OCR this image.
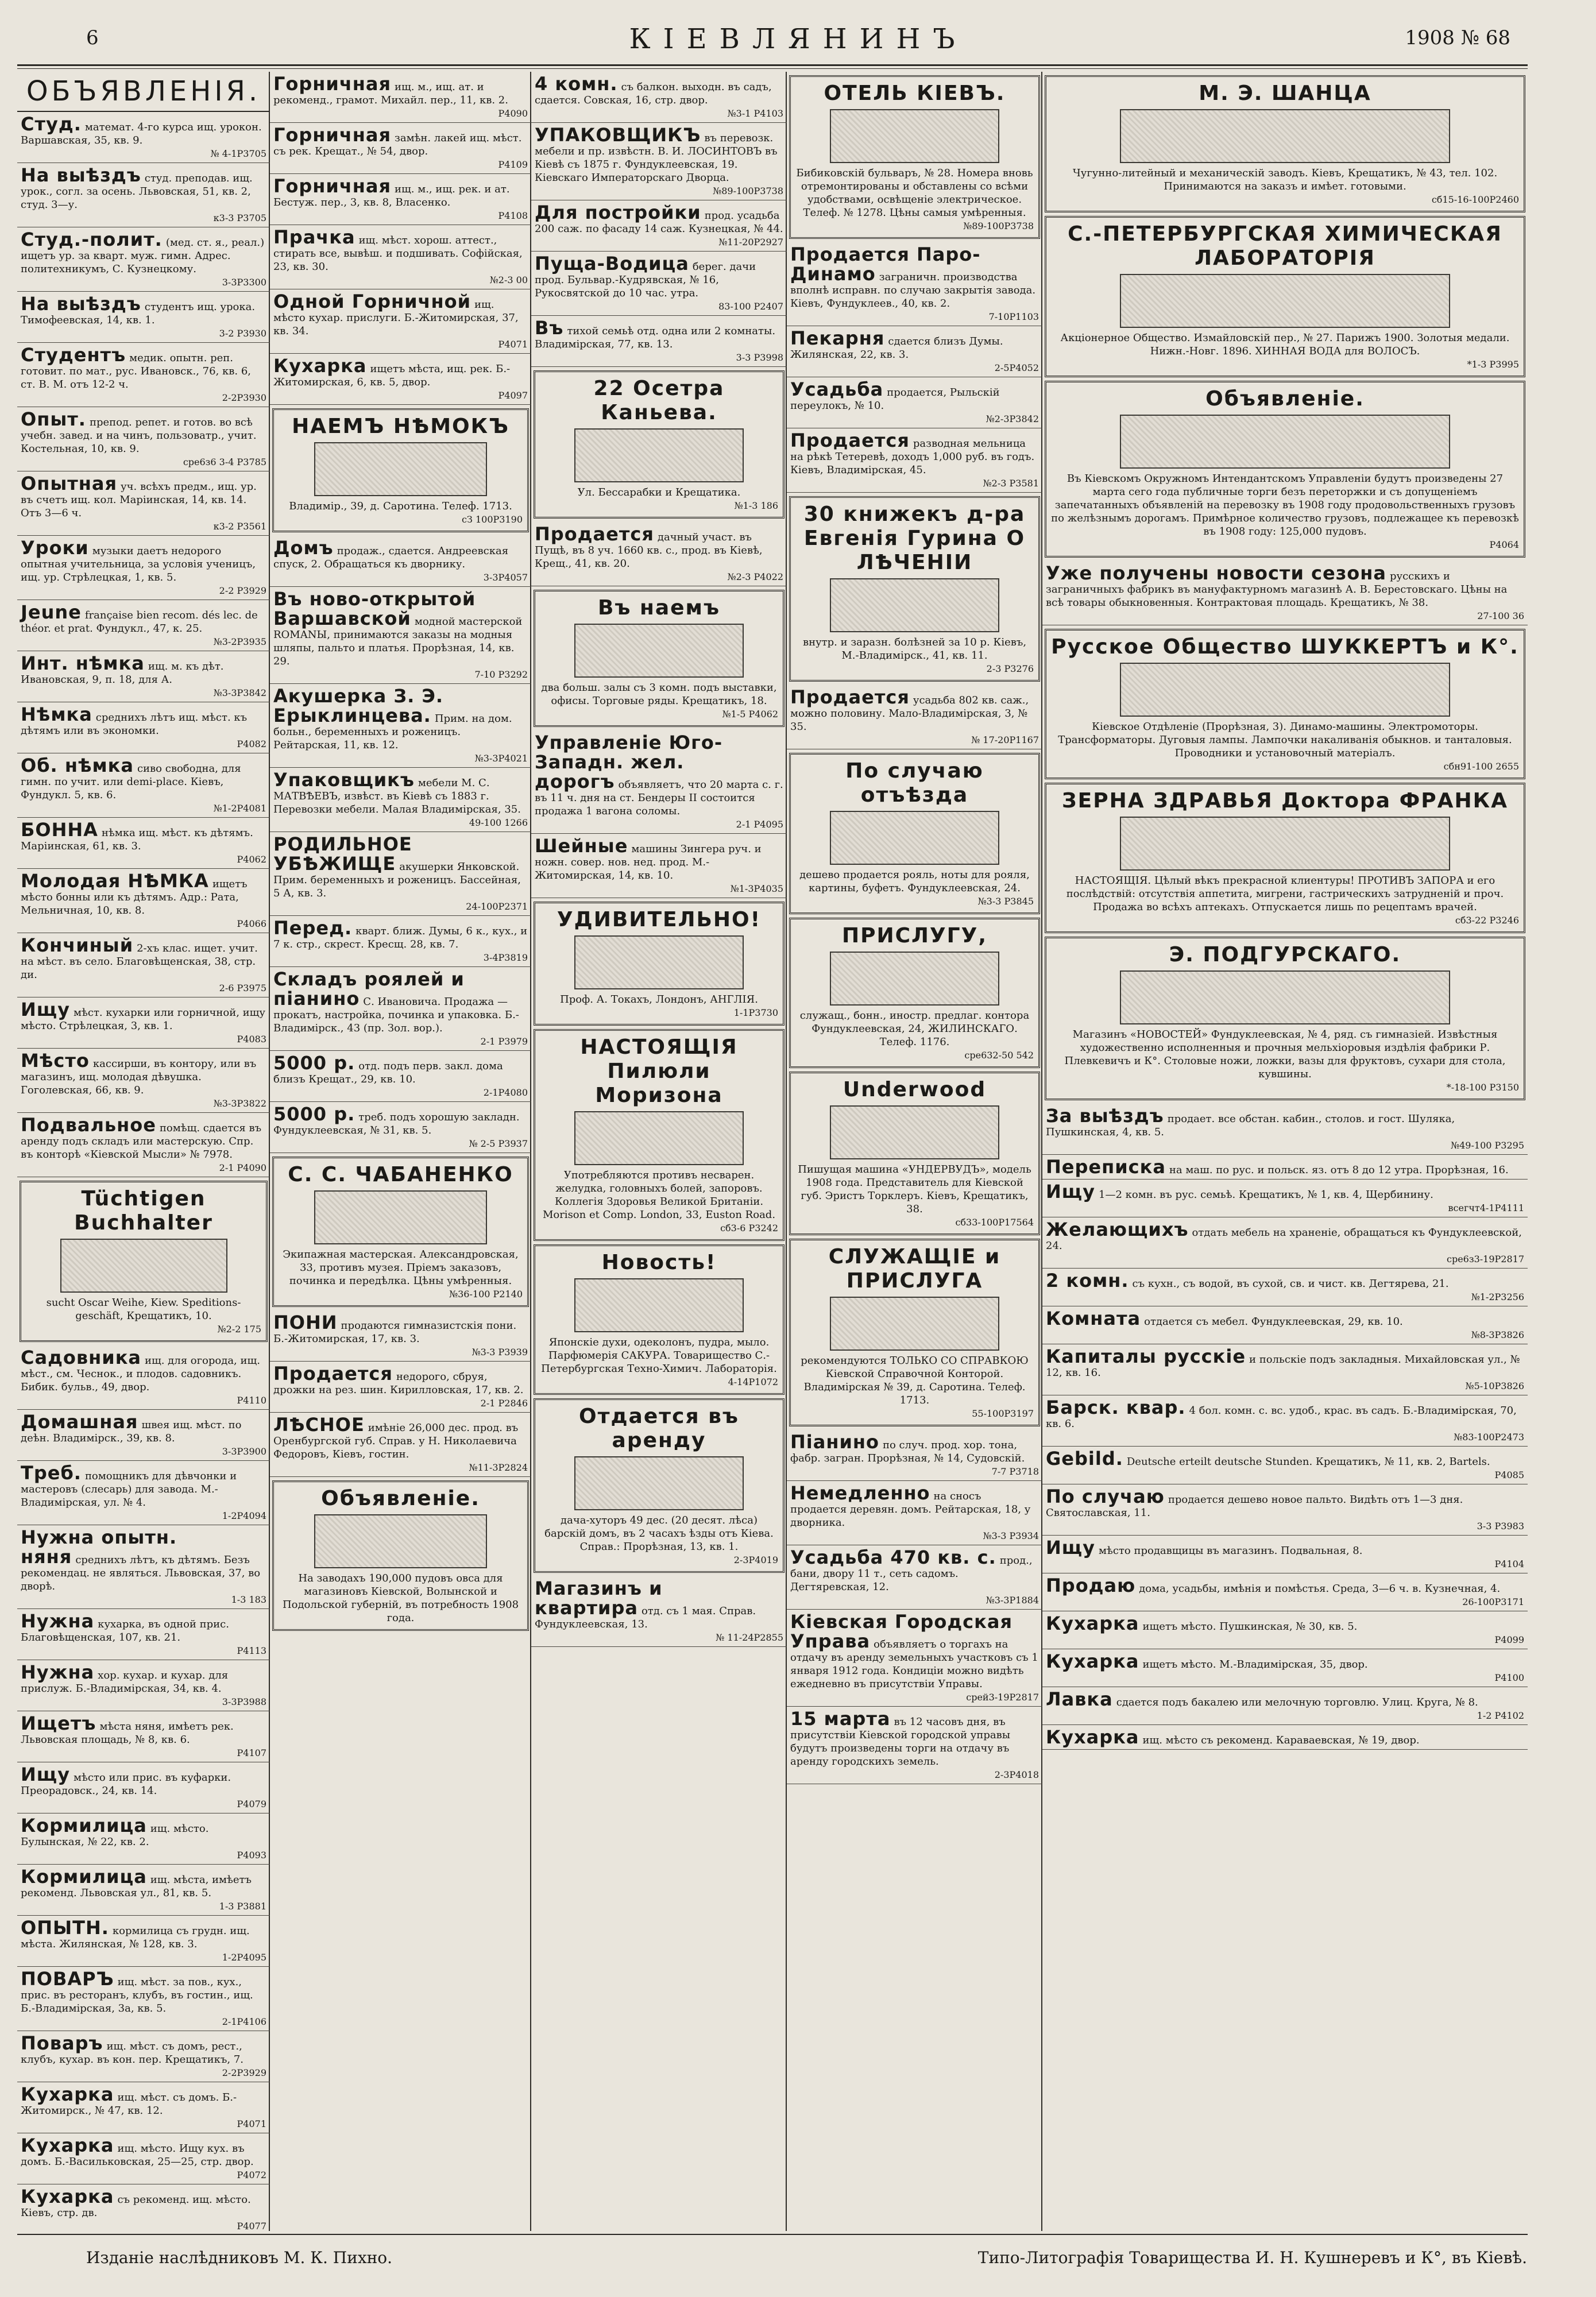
6	КІЕВЛЯНИНЪ	1908 № 68
ОБЪЯВЛЕНІЯ.
Студ. математ. 4-го курса ищ. урокон. Варшавская, 35, кв. 9.
№ 4-1Р3705
На выѣздъ студ. преподав. ищ. урок., согл. за осень. Львовская, 51, кв. 2, студ. 3—у.
к3-3 Р3705
Студ.-полит. (мед. ст. я., реал.) ищетъ ур. за кварт. муж. гимн. Адрес. политехникумъ, С. Кузнецкому.
3-3Р3300
На выѣздъ студентъ ищ. урока. Тимофеевская, 14, кв. 1.
3-2 Р3930
Студентъ медик. опытн. реп. готовит. по мат., рус. Ивановск., 76, кв. 6, ст. В. М. отъ 12-2 ч.
2-2Р3930
Опыт. препод. репет. и готов. во всѣ учебн. завед. и на чинъ, пользоватр., учит. Костельная, 10, кв. 9.
сре6з6 3-4 Р3785
Опытная уч. всѣхъ предм., ищ. ур. въ счетъ ищ. кол. Маріинская, 14, кв. 14. Отъ 3—6 ч.
к3-2 Р3561
Уроки музыки даетъ недорого опытная учительница, за условія ученицъ, ищ. ур. Стрѣлецкая, 1, кв. 5.
2-2 Р3929
Jeune française bien recom. dés lec. de théor. et prat. Фундукл., 47, к. 25.
№3-2Р3935
Инт. нѣмка ищ. м. къ дѣт. Ивановская, 9, п. 18, для А.
№3-3Р3842
Нѣмка среднихъ лѣтъ ищ. мѣст. къ дѣтямъ или въ экономки.
Р4082
Об. нѣмка сиво свободна, для гимн. по учит. или demi-place. Кіевъ, Фундукл. 5, кв. 6.
№1-2Р4081
БОННА нѣмка ищ. мѣст. къ дѣтямъ. Маріинская, 61, кв. 3.
Р4062
Молодая НѢМКА ищетъ мѣсто бонны или къ дѣтямъ. Адр.: Рата, Мельничная, 10, кв. 8.
Р4066
Кончиный 2-хъ клас. ищет. учит. на мѣст. въ село. Благовѣщенская, 38, стр. ди.
2-6 Р3975
Ищу мѣст. кухарки или горничной, ищу мѣсто. Стрѣлецкая, 3, кв. 1.
Р4083
Мѣсто кассирши, въ контору, или въ магазинъ, ищ. молодая дѣвушка. Гоголевская, 66, кв. 9.
№3-3Р3822
Подвальное помѣщ. сдается въ аренду подъ складъ или мастерскую. Спр. въ конторѣ «Кіевской Мысли» № 7978.
2-1 Р4090
Tüchtigen Buchhalter
sucht Oscar Weihe, Kiew. Speditions-geschäft, Крещатикъ, 10.
№2-2 175
Садовника ищ. для огорода, ищ. мѣст., см. Чеснок., и плодов. садовникъ. Бибик. бульв., 49, двор.
Р4110
Домашная швея ищ. мѣст. по деѣн. Владимірск., 39, кв. 8.
3-3Р3900
Треб. помощникъ для дѣвчонки и мастеровъ (слесарь) для завода. М.-Владимірская, ул. № 4.
1-2Р4094
Нужна опытн. няня среднихъ лѣтъ, къ дѣтямъ. Безъ рекомендац. не являться. Львовская, 37, во дворѣ.
1-3 183
Нужна кухарка, въ одной прис. Благовѣщенская, 107, кв. 21.
Р4113
Нужна хор. кухар. и кухар. для прислуж. Б.-Владимірская, 34, кв. 4.
3-3Р3988
Ищетъ мѣста няня, имѣетъ рек. Львовская площадь, № 8, кв. 6.
Р4107
Ищу мѣсто или прис. въ куфарки. Преорадовск., 24, кв. 14.
Р4079
Кормилица ищ. мѣсто. Булынская, № 22, кв. 2.
Р4093
Кормилица ищ. мѣста, имѣетъ рекоменд. Львовская ул., 81, кв. 5.
1-3 Р3881
ОПЫТН. кормилица съ грудн. ищ. мѣста. Жилянская, № 128, кв. 3.
1-2Р4095
ПОВАРЪ ищ. мѣст. за пов., кух., прис. въ ресторанъ, клубъ, въ гостин., ищ. Б.-Владимірская, 3а, кв. 5.
2-1Р4106
Поваръ ищ. мѣст. съ домъ, рест., клубъ, кухар. въ кон. пер. Крещатикъ, 7.
2-2Р3929
Кухарка ищ. мѣст. съ домъ. Б.-Житомирск., № 47, кв. 12.
Р4071
Кухарка ищ. мѣсто. Ищу кух. въ домъ. Б.-Васильковская, 25—25, стр. двор.
Р4072
Кухарка съ рекоменд. ищ. мѣсто. Кіевъ, стр. дв.
Р4077
Горничная ищ. м., ищ. ат. и рекоменд., грамот. Михайл. пер., 11, кв. 2.
Р4090
Горничная замѣн. лакей ищ. мѣст. съ рек. Крещат., № 54, двор.
Р4109
Горничная ищ. м., ищ. рек. и ат. Бестуж. пер., 3, кв. 8, Власенко.
Р4108
Прачка ищ. мѣст. хорош. аттест., стирать все, вывѣш. и подшивать. Софійская, 23, кв. 30.
№2-3 00
Одной Горничной ищ. мѣсто кухар. прислуги. Б.-Житомирская, 37, кв. 34.
Р4071
Кухарка ищетъ мѣста, ищ. рек. Б.-Житомирская, 6, кв. 5, двор.
Р4097
НАЕМЪ НѢМОКЪ
Владимір., 39, д. Саротина. Телеф. 1713.
сЗ 100Р3190
Домъ продаж., сдается. Андреевская спуск, 2. Обращаться къ дворнику.
3-3Р4057
Въ ново-открытой Варшавской модной мастерской ROMANЫ, принимаются заказы на модныя шляпы, пальто и платья. Прорѣзная, 14, кв. 29.
7-10 Р3292
Акушерка З. Э. Ерыклинцева. Прим. на дом. больн., беременныхъ и роженицъ. Рейтарская, 11, кв. 12.
№3-3Р4021
Упаковщикъ мебели М. С. МАТВѢЕВЪ, извѣст. въ Кіевѣ съ 1883 г. Перевозки мебели. Малая Владимірская, 35.
49-100 1266
РОДИЛЬНОЕ УБѢЖИЩЕ акушерки Янковской. Прим. беременныхъ и роженицъ. Бассейная, 5 А, кв. 3.
24-100Р2371
Перед. кварт. ближ. Думы, 6 к., кух., и 7 к. стр., скрест. Кресщ. 28, кв. 7.
3-4Р3819
Складъ роялей и піанино С. Ивановича. Продажа — прокатъ, настройка, починка и упаковка. Б.-Владимірск., 43 (пр. Зол. вор.).
2-1 Р3979
5000 р. отд. подъ перв. закл. дома близъ Крещат., 29, кв. 10.
2-1Р4080
5000 р. треб. подъ хорошую закладн. Фундуклеевская, № 31, кв. 5.
№ 2-5 Р3937
С. С. ЧАБАНЕНКО
Экипажная мастерская. Александровская, 33, противъ музея. Пріемъ заказовъ, починка и передѣлка. Цѣны умѣренныя.
№36-100 Р2140
ПОНИ продаются гимназистскія пони. Б.-Житомирская, 17, кв. 3.
№3-3 Р3939
Продается недорого, сбруя, дрожки на рез. шин. Кирилловская, 17, кв. 2.
2-1 Р2846
ЛѢСНОЕ имѣніе 26,000 дес. прод. въ Оренбургской губ. Справ. у Н. Николаевича Федоровъ, Кіевъ, гостин.
№11-3Р2824
Объявленіе.
На заводахъ 190,000 пудовъ овса для магазиновъ Кіевской, Волынской и Подольской губерній, въ потребность 1908 года.
4 комн. съ балкон. выходн. въ садъ, сдается. Совская, 16, стр. двор.
№3-1 Р4103
УПАКОВЩИКЪ въ перевозк. мебели и пр. извѣстн. В. И. ЛОСИНТОВЪ въ Кіевѣ съ 1875 г. Фундуклеевская, 19. Кіевскаго Императорскаго Дворца.
№89-100Р3738
Для постройки прод. усадьба 200 саж. по фасаду 14 саж. Кузнецкая, № 44.
№11-20Р2927
Пуща-Водица берег. дачи прод. Бульвар.-Кудрявская, № 16, Рукосвятской до 10 час. утра.
83-100 Р2407
Въ тихой семьѣ отд. одна или 2 комнаты. Владимірская, 77, кв. 13.
3-3 Р3998
22 Осетра Каньева.
Ул. Бессарабки и Крещатика.
№1-3 186
Продается дачный участ. въ Пущѣ, въ 8 уч. 1660 кв. с., прод. въ Кіевѣ, Крещ., 41, кв. 20.
№2-3 Р4022
Въ наемъ
два больш. залы съ 3 комн. подъ выставки, офисы. Торговые ряды. Крещатикъ, 18.
№1-5 Р4062
Управленіе Юго-Западн. жел. дорогъ объявляетъ, что 20 марта с. г. въ 11 ч. дня на ст. Бендеры II состоится продажа 1 вагона соломы.
2-1 Р4095
Шейные машины Зингера руч. и ножн. совер. нов. нед. прод. М.-Житомирская, 14, кв. 10.
№1-3Р4035
УДИВИТЕЛЬНО!
Проф. А. Токахъ, Лондонъ, АНГЛІЯ.
1-1Р3730
НАСТОЯЩІЯ Пилюли Моризона
Употребляются противъ несварен. желудка, головныхъ болей, запоровъ. Коллегія Здоровья Великой Британіи. Morison et Comp. London, 33, Euston Road.
сб3-6 Р3242
Новость!
Японскіе духи, одеколонъ, пудра, мыло. Парфюмерія САКУРА. Товарищество С.-Петербургская Техно-Химич. Лабораторія.
4-14Р1072
Отдается въ аренду
дача-хуторъ 49 дес. (20 десят. лѣса) барскій домъ, въ 2 часахъ ѣзды отъ Кіева. Справ.: Прорѣзная, 13, кв. 1.
2-3Р4019
Магазинъ и квартира отд. съ 1 мая. Справ. Фундуклеевская, 13.
№ 11-24Р2855
ОТЕЛЬ КІЕВЪ.
Бибиковскій бульваръ, № 28. Номера вновь отремонтированы и обставлены со всѣми удобствами, освѣщеніе электрическое. Телеф. № 1278. Цѣны самыя умѣренныя.
№89-100Р3738
Продается Паро-Динамо заграничн. производства вполнѣ исправн. по случаю закрытія завода. Кіевъ, Фундуклеев., 40, кв. 2.
7-10Р1103
Пекарня сдается близъ Думы. Жилянская, 22, кв. 3.
2-5Р4052
Усадьба продается, Рыльскій переулокъ, № 10.
№2-3Р3842
Продается разводная мельница на рѣкѣ Тетеревѣ, доходъ 1,000 руб. въ годъ. Кіевъ, Владимірская, 45.
№2-3 Р3581
30 книжекъ д-ра Евгенія Гурина О ЛѢЧЕНІИ
внутр. и заразн. болѣзней за 10 р. Кіевъ, М.-Владимірск., 41, кв. 11.
2-3 Р3276
Продается усадьба 802 кв. саж., можно половину. Мало-Владимірская, 3, № 35.
№ 17-20Р1167
По случаю отъѣзда
дешево продается рояль, ноты для рояля, картины, буфетъ. Фундуклеевская, 24.
№3-3 Р3845
ПРИСЛУГУ,
служащ., бонн., иностр. предлаг. контора Фундуклеевская, 24, ЖИЛИНСКАГО. Телеф. 1176.
сре632-50 542
Underwood
Пишущая машина «УНДЕРВУДЪ», модель 1908 года. Представитель для Кіевской губ. Эристъ Торклеръ. Кіевъ, Крещатикъ, 38.
сб33-100Р17564
СЛУЖАЩІЕ и ПРИСЛУГА
рекомендуются ТОЛЬКО СО СПРАВКОЮ Кіевской Справочной Конторой. Владимірская № 39, д. Саротина. Телеф. 1713.
55-100Р3197
Піанино по случ. прод. хор. тона, фабр. загран. Прорѣзная, № 14, Судовскій.
7-7 Р3718
Немедленно на сносъ продается деревян. домъ. Рейтарская, 18, у дворника.
№3-3 Р3934
Усадьба 470 кв. с. прод., бани, двору 11 т., сеть садомъ. Дегтяревская, 12.
№3-3Р1884
Кіевская Городская Управа объявляетъ о торгахъ на отдачу въ аренду земельныхъ участковъ съ 1 января 1912 года. Кондиціи можно видѣть ежедневно въ присутствіи Управы.
срей3-19Р2817
15 марта въ 12 часовъ дня, въ присутствіи Кіевской городской управы будутъ произведены торги на отдачу въ аренду городскихъ земель.
2-3Р4018
М. Э. ШАНЦА
Чугунно-литейный и механическій заводъ. Кіевъ, Крещатикъ, № 43, тел. 102. Принимаются на заказъ и имѣет. готовыми.
сб15-16-100Р2460
С.-ПЕТЕРБУРГСКАЯ ХИМИЧЕСКАЯ ЛАБОРАТОРІЯ
Акціонерное Общество. Измайловскій пер., № 27. Парижъ 1900. Золотыя медали. Нижн.-Новг. 1896. ХИННАЯ ВОДА для ВОЛОСЪ.
*1-3 Р3995
Объявленіе.
Въ Кіевскомъ Окружномъ Интендантскомъ Управленіи будутъ произведены 27 марта сего года публичные торги безъ переторжки и съ допущеніемъ запечатанныхъ объявленій на перевозку въ 1908 году продовольственныхъ грузовъ по желѣзнымъ дорогамъ. Примѣрное количество грузовъ, подлежащее къ перевозкѣ въ 1908 году: 125,000 пудовъ.
Р4064
Уже получены новости сезона русскихъ и заграничныхъ фабрикъ въ мануфактурномъ магазинѣ А. В. Берестовскаго. Цѣны на всѣ товары обыкновенныя. Контрактовая площадь. Крещатикъ, № 38.
27-100 36
Русское Общество ШУККЕРТЪ и К°.
Кіевское Отдѣленіе (Прорѣзная, 3). Динамо-машины. Электромоторы. Трансформаторы. Дуговыя лампы. Лампочки накаливанія обыкнов. и танталовыя. Проводники и установочный матеріалъ.
сбн91-100 2655
ЗЕРНА ЗДРАВЬЯ Доктора ФРАНКА
НАСТОЯЩІЯ. Цѣлый вѣкъ прекрасной клиентуры! ПРОТИВЪ ЗАПОРА и его послѣдствій: отсутствія аппетита, мигрени, гастрическихъ затрудненій и проч. Продажа во всѣхъ аптекахъ. Отпускается лишь по рецептамъ врачей.
сб3-22 Р3246
Э. ПОДГУРСКАГО.
Магазинъ «НОВОСТЕЙ» Фундуклеевская, № 4, ряд. съ гимназіей. Извѣстныя художественно исполненныя и прочныя мельхіоровыя издѣлія фабрики Р. Плевкевичъ и К°. Столовые ножи, ложки, вазы для фруктовъ, сухари для стола, кувшины.
*-18-100 Р3150
За выѣздъ продает. все обстан. кабин., столов. и гост. Шуляка, Пушкинская, 4, кв. 5.
№49-100 Р3295
Переписка на маш. по рус. и польск. яз. отъ 8 до 12 утра. Прорѣзная, 16.
Ищу 1—2 комн. въ рус. семьѣ. Крещатикъ, № 1, кв. 4, Щербинину.
всегчт4-1Р4111
Желающихъ отдать мебель на храненіе, обращаться къ Фундуклеевской, 24.
сре6з3-19Р2817
2 комн. съ кухн., съ водой, въ сухой, св. и чист. кв. Дегтярева, 21.
№1-2Р3256
Комната отдается съ мебел. Фундуклеевская, 29, кв. 10.
№8-3Р3826
Капиталы русскіе и польскіе подъ закладныя. Михайловская ул., № 12, кв. 16.
№5-10Р3826
Барск. квар. 4 бол. комн. с. вс. удоб., крас. въ садъ. Б.-Владимірская, 70, кв. 6.
№83-100Р2473
Gebild. Deutsche erteilt deutsche Stunden. Крещатикъ, № 11, кв. 2, Bartels.
Р4085
По случаю продается дешево новое пальто. Видѣть отъ 1—3 дня. Святославская, 11.
3-3 Р3983
Ищу мѣсто продавщицы въ магазинъ. Подвальная, 8.
Р4104
Продаю дома, усадьбы, имѣнія и помѣстья. Среда, 3—6 ч. в. Кузнечная, 4.
26-100Р3171
Кухарка ищетъ мѣсто. Пушкинская, № 30, кв. 5.
Р4099
Кухарка ищетъ мѣсто. М.-Владимірская, 35, двор.
Р4100
Лавка сдается подъ бакалею или мелочную торговлю. Улиц. Круга, № 8.
1-2 Р4102
Кухарка ищ. мѣсто съ рекоменд. Караваевская, № 19, двор.
Изданіе наслѣдниковъ М. К. Пихно.	Типо-Литографія Товарищества И. Н. Кушнеревъ и К°, въ Кіевѣ.
